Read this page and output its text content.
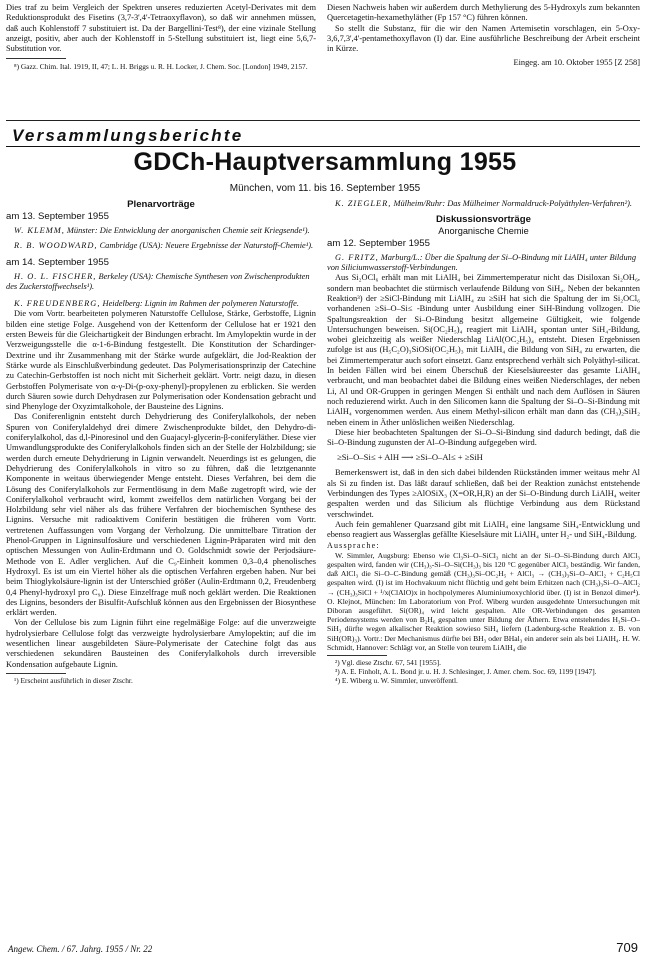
Dies traf zu beim Vergleich der Spektren unseres reduzierten Acetyl-Derivates mit dem Reduktionsprodukt des Fisetins (3,7-3',4'-Tetraoxyflavon), so daß wir annehmen müssen, daß auch Kohlenstoff 7 substituiert ist. Da der Bargellini-Test⁸), der eine vizinale Stellung anzeigt, positiv, aber auch der Kohlenstoff in 5-Stellung substituiert ist, liegt eine 5,6,7-Substitution vor.

⁸) Gazz. Chim. Ital. 1919, II, 47; L. H. Briggs u. R. H. Locker, J. Chem. Soc. [London] 1949, 2157.

Diesen Nachweis haben wir außerdem durch Methylierung des 5-Hydroxyls zum bekannten Quercetagetin-hexamethyläther (Fp 157 °C) führen können.

So stellt die Substanz, für die wir den Namen Artemisetin vorschlagen, ein 5-Oxy-3,6,7,3',4'-pentamethoxyflavon (I) dar. Eine ausführliche Beschreibung der Arbeit erscheint in Kürze.

Eingeg. am 10. Oktober 1955 [Z 258]

Versammlungsberichte
GDCh-Hauptversammlung 1955
München, vom 11. bis 16. September 1955

Plenarvorträge

am 13. September 1955

W. KLEMM, Münster: Die Entwicklung der anorganischen Chemie seit Kriegsende¹).

R. B. WOODWARD, Cambridge (USA): Neuere Ergebnisse der Naturstoff-Chemie¹).

am 14. September 1955

H. O. L. FISCHER, Berkeley (USA): Chemische Synthesen von Zwischenprodukten des Zuckerstoffwechsels¹).

K. FREUDENBERG, Heidelberg: Lignin im Rahmen der polymeren Naturstoffe.

Die vom Vortr. bearbeiteten polymeren Naturstoffe Cellulose, Stärke, Gerbstoffe, Lignin bilden eine stetige Folge. Ausgehend von der Kettenform der Cellulose hat er 1921 den ersten Beweis für die Gleichartigkeit der Bindungen erbracht. Im Amylopektin wurde in der Verzweigungsstelle die α-1-6-Bindung festgestellt. Die Konstitution der Schardinger-Dextrine und ihr Zusammenhang mit der Stärke wurde aufgeklärt, die Jod-Reaktion der Stärke wurde als Einschlußverbindung gedeutet. Das Polymerisationsprinzip der Catechine zu Catechin-Gerbstoffen ist noch nicht mit Sicherheit geklärt. Vortr. neigt dazu, in diesen Gerbstoffen Polymerisate von α-γ-Di-(p-oxy-phenyl)-propylenen zu erblicken. Sie werden durch Säuren sowie durch Dehydrasen zur Polymerisation oder Kondensation gebracht und sind Phenyloge der Oxyzimtalkohole, der Bausteine des Lignins.

Das Coniferenlignin entsteht durch Dehydrierung des Coniferylalkohols, der neben Spuren von Coniferylaldehyd drei dimere Zwischenprodukte bildet, den Dehydro-di-coniferylalkohol, das d,l-Pinoresinol und den Guajacyl-glycerin-β-coniferyläther. Diese vier Umwandlungsprodukte des Coniferylalkohols finden sich an der Stelle der Holzbildung; sie werden durch erneute Dehydrierung in Lignin verwandelt. Neuerdings ist es gelungen, die Dehydrierung des Coniferylalkohols in vitro so zu führen, daß die letztgenannte Komponente in weitaus überwiegender Menge entsteht. Dieses Verfahren, bei dem die Lösung des Coniferylalkohols zur Fermentlösung in dem Maße zugetropft wird, wie der Coniferylalkohol verbraucht wird, kommt zweifellos dem natürlichen Vorgang bei der Holzbildung sehr viel näher als das frühere Verfahren der biochemischen Synthese des Lignins. Versuche mit radioaktivem Coniferin bestätigen die früheren vom Vortr. vertretenen Auffassungen vom Vorgang der Verholzung. Die unmittelbare Titration der Phenol-Gruppen in Ligninsulfosäure und verschiedenen Lignin-Präparaten wird mit den optischen Messungen von Aulin-Erdtmann und O. Goldschmidt sowie der Perjodsäure-Methode von E. Adler verglichen. Auf die C₉-Einheit kommen 0,3–0,4 phenolisches Hydroxyl. Es ist um ein Viertel höher als die optischen Verfahren ergeben haben. Nur bei beim Thioglykolsäure-lignin ist der Unterschied größer (Aulin-Erdtmann 0,2, Freudenberg 0,4 Phenyl-hydroxyl pro C₉). Diese Einzelfrage muß noch geklärt werden. Die Reaktionen des Lignins, besonders der Bisulfit-Aufschluß können aus den Ergebnissen der Biosynthese erklärt werden.

Von der Cellulose bis zum Lignin führt eine regelmäßige Folge: auf die unverzweigte hydrolysierbare Cellulose folgt das verzweigte hydrolysierbare Amylopektin; auf die im wesentlichen linear ausgebildeten Säure-Polymerisate der Catechine folgt das aus verschiedenen sekundären Bausteinen des Coniferylalkohols durch irreversible Kondensation aufgebaute Lignin.

¹) Erscheint ausführlich in dieser Ztschr.

K. ZIEGLER, Mülheim/Ruhr: Das Mülheimer Normaldruck-Polyäthylen-Verfahren²).

Diskussionsvorträge

Anorganische Chemie

am 12. September 1955

G. FRITZ, Marburg/L.: Über die Spaltung der Si–O-Bindung mit LiAlH₄ unter Bildung von Siliciumwasserstoff-Verbindungen.

Aus Si₂OCl₆ erhält man mit LiAlH₄ bei Zimmertemperatur nicht das Disiloxan Si₂OH₆, sondern man beobachtet die stürmisch verlaufende Bildung von SiH₄. Neben der bekannten Reaktion³) der ≥SiCl-Bindung mit LiAlH₄ zu ≥SiH hat sich die Spaltung der im Si₂OCl₆ vorhandenen ≥Si–O–Si≤ -Bindung unter Ausbildung einer SiH-Bindung vollzogen. Die Spaltungsreaktion der Si–O-Bindung besitzt allgemeine Gültigkeit, wie folgende Untersuchungen beweisen. Si(OC₂H₅)₄ reagiert mit LiAlH₄ spontan unter SiH₄-Bildung, wobei gleichzeitig als weißer Niederschlag LiAl(OC₂H₅)₄ entsteht. Diesen Ergebnissen zufolge ist aus (H₅C₂O)₃SiOSi(OC₂H₅)₃ mit LiAlH₄ die Bildung von SiH₄ zu erwarten, die bei Zimmertemperatur auch sofort einsetzt. Ganz entsprechend verhält sich Polyäthyl-silicat. In beiden Fällen wird bei einem Überschuß der Kieselsäureester das gesamte LiAlH₄ verbraucht, und man beobachtet dabei die Bildung eines weißen Niederschlages, der neben Li, Al und OR-Gruppen in geringen Mengen Si enthält und nach dem Auflösen in Säuren noch reduzierend wirkt. Auch in den Silicomen kann die Spaltung der Si–O–Si-Bindung mit LiAlH₄ vorgenommen werden. Aus einem Methyl-silicon erhält man dann das (CH₃)₂SiH₂ neben einem in Äther unlöslichen weißen Niederschlag.

Diese hier beobachteten Spaltungen der Si–O–Si-Bindung sind dadurch bedingt, daß die Si–O-Bindung zugunsten der Al–O-Bindung aufgegeben wird.

≥Si–O–Si≤ + AlH ⟶ ≥Si–O–Al≤ + ≥SiH

Bemerkenswert ist, daß in den sich dabei bildenden Rückständen immer weitaus mehr Al als Si zu finden ist. Das läßt darauf schließen, daß bei der Reaktion zunächst entstehende Verbindungen des Types ≥AlOSiX₃ (X=OR,H,R) an der Si–O-Bindung durch LiAlH₄ weiter gespalten werden und das Silicium als flüchtige Verbindung aus dem Rückstand verschwindet.

Auch fein gemahlener Quarzsand gibt mit LiAlH₄ eine langsame SiH₄-Entwicklung und ebenso reagiert aus Wasserglas gefällte Kieselsäure mit LiAlH₄ unter H₂- und SiH₄-Bildung.

Aussprache:

W. Simmler, Augsburg: Ebenso wie Cl₃Si–O–SiCl₃ nicht an der Si–O–Si-Bindung durch AlCl₃ gespalten wird, fanden wir (CH₃)₃-Si–O–Si(CH₃)₃ bis 120 °C gegenüber AlCl₃ beständig. Wir fanden, daß AlCl₃ die Si–O–C-Bindung gemäß (CH₃)₃Si–OC₂H₅ + AlCl₃ → (CH₃)₃Si–O–AlCl₂ + C₂H₅Cl gespalten wird. (I) ist im Hochvakuum nicht flüchtig und geht beim Erhitzen nach (CH₃)₃Si–O–AlCl₂ → (CH₃)₃SiCl + ¹/x(ClAlO)x in hochpolymeres Aluminiumoxychlorid über. (I) ist in Benzol dimer⁴). O. Klejnot, München: Im Laboratorium von Prof. Wiberg wurden ausgedehnte Untersuchungen mit Diboran ausgeführt. Si(OR)₄ wird leicht gespalten. Alle OR-Verbindungen des gesamten Periodensystems werden von B₂H₆ gespalten unter Bildung der Äthern. Etwa entstehendes H₃Si–O–SiH₃ dürfte wegen alkalischer Reaktion sowieso SiH₄ liefern (Ladenburg-sche Reaktion z. B. von SiH(OR)₃). Vortr.: Der Mechanismus dürfte bei BH₃ oder BHal₃ ein anderer sein als bei LiAlH₄. H. W. Schmidt, Hannover: Schlägt vor, an Stelle von teurem LiAlH₄ die

²) Vgl. diese Ztschr. 67, 541 [1955].

³) A. E. Finholt, A. L. Bond jr. u. H. J. Schlesinger, J. Amer. chem. Soc. 69, 1199 [1947].

⁴) E. Wiberg u. W. Simmler, unveröffentl.

Angew. Chem. / 67. Jahrg. 1955 / Nr. 22	709
